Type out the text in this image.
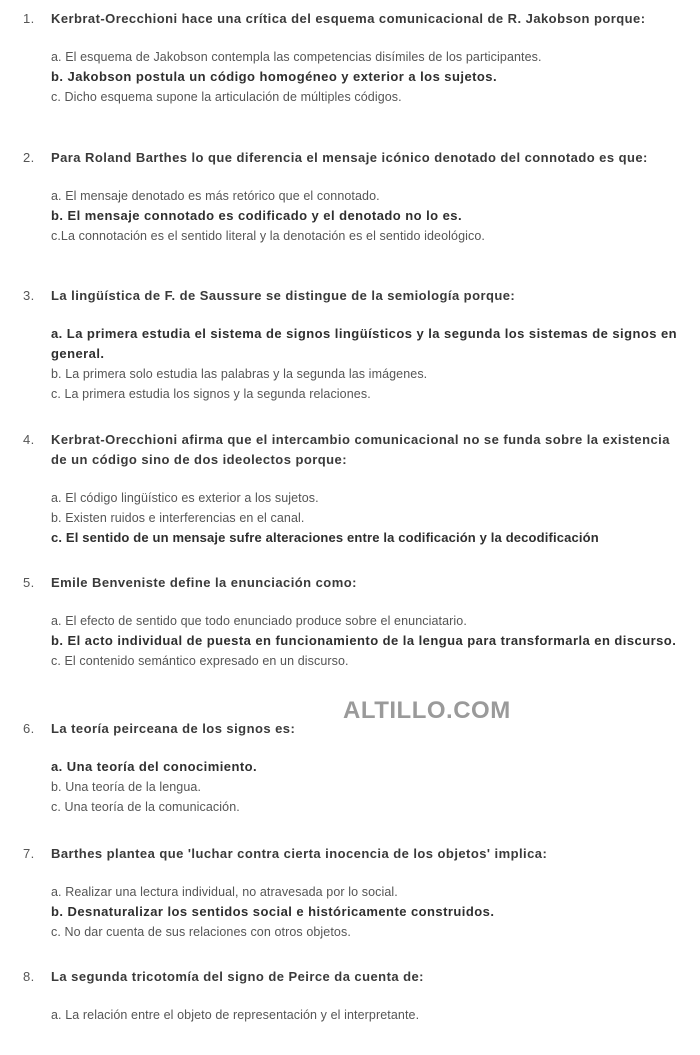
1. Kerbrat-Orecchioni hace una crítica del esquema comunicacional de R. Jakobson porque:
a. El esquema de Jakobson contempla las competencias disímiles de los participantes.
b. Jakobson postula un código homogéneo y exterior a los sujetos.
c. Dicho esquema supone la articulación de múltiples códigos.
2. Para Roland Barthes lo que diferencia el mensaje icónico denotado del connotado es que:
a. El mensaje denotado es más retórico que el connotado.
b. El mensaje connotado es codificado y el denotado no lo es.
c.La connotación es el sentido literal y la denotación es el sentido ideológico.
3. La lingüística de F. de Saussure se distingue de la semiología porque:
a. La primera estudia el sistema de signos lingüísticos y la segunda los sistemas de signos en general.
b. La primera solo estudia las palabras y la segunda las imágenes.
c. La primera estudia los signos y la segunda relaciones.
4. Kerbrat-Orecchioni afirma que el intercambio comunicacional no se funda sobre la existencia de un código sino de dos ideolectos porque:
a. El código lingüístico es exterior a los sujetos.
b. Existen ruidos e interferencias en el canal.
c. El sentido de un mensaje sufre alteraciones entre la codificación y la decodificación
5. Emile Benveniste define la enunciación como:
a. El efecto de sentido que todo enunciado produce sobre el enunciatario.
b. El acto individual de puesta en funcionamiento de la lengua para transformarla en discurso.
c. El contenido semántico expresado en un discurso.
6. La teoría peirceana de los signos es:
a. Una teoría del conocimiento.
b. Una teoría de la lengua.
c. Una teoría de la comunicación.
7. Barthes plantea que 'luchar contra cierta inocencia de los objetos' implica:
a. Realizar una lectura individual, no atravesada por lo social.
b. Desnaturalizar los sentidos social e históricamente construidos.
c. No dar cuenta de sus relaciones con otros objetos.
8. La segunda tricotomía del signo de Peirce da cuenta de:
a. La relación entre el objeto de representación y el interpretante.
ALTILLO.COM
